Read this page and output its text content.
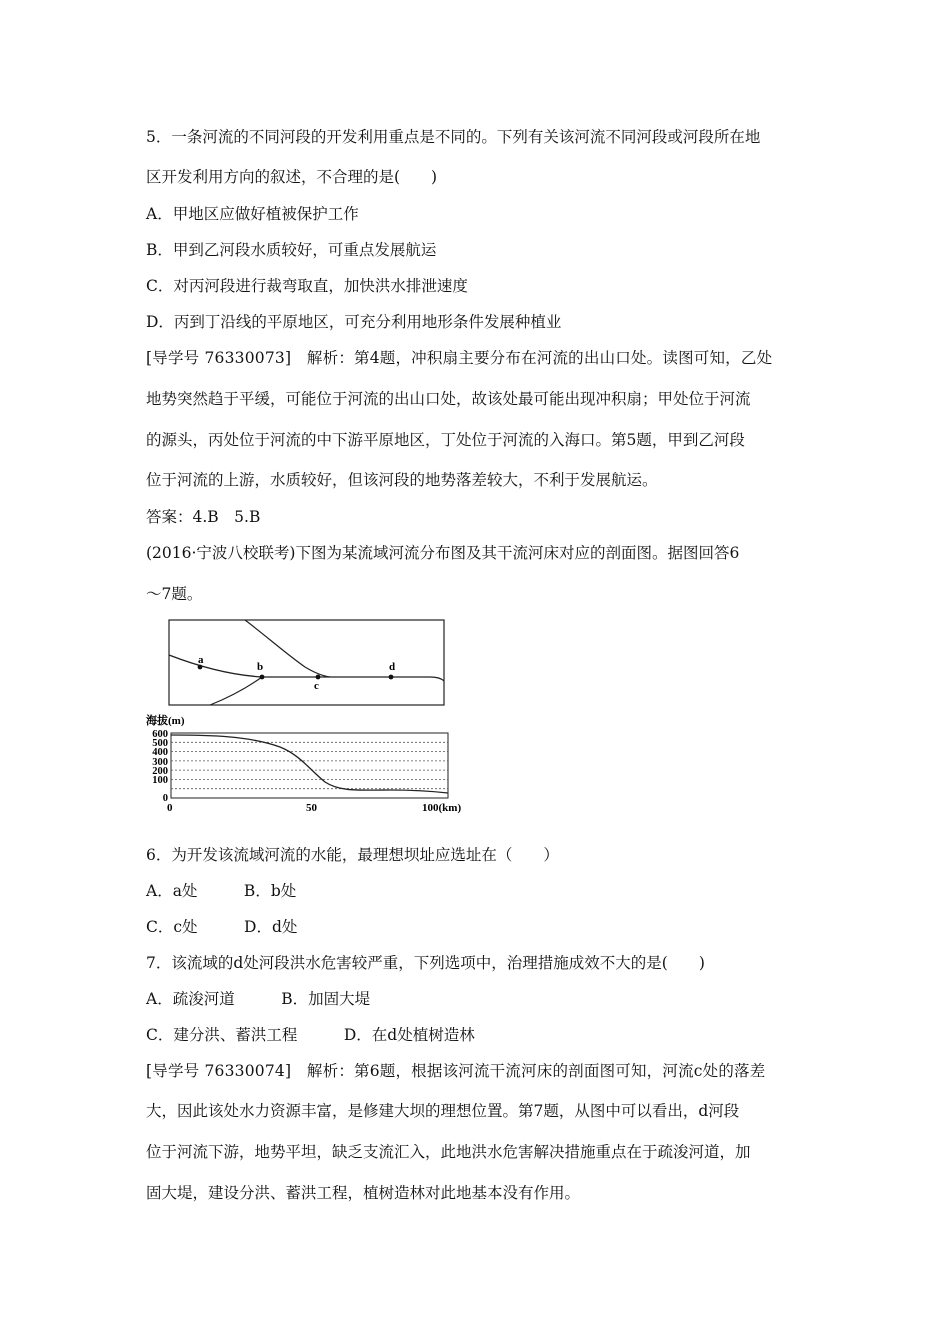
5．一条河流的不同河段的开发利用重点是不同的。下列有关该河流不同河段或河段所在地
区开发利用方向的叙述，不合理的是(　　)
A．甲地区应做好植被保护工作
B．甲到乙河段水质较好，可重点发展航运
C．对丙河段进行裁弯取直，加快洪水排泄速度
D．丙到丁沿线的平原地区，可充分利用地形条件发展种植业
[导学号 76330073]　解析：第4题，冲积扇主要分布在河流的出山口处。读图可知，乙处
地势突然趋于平缓，可能位于河流的出山口处，故该处最可能出现冲积扇；甲处位于河流
的源头，丙处位于河流的中下游平原地区，丁处位于河流的入海口。第5题，甲到乙河段
位于河流的上游，水质较好，但该河段的地势落差较大，不利于发展航运。
答案：4.B　5.B
(2016·宁波八校联考)下图为某流域河流分布图及其干流河床对应的剖面图。据图回答6
～7题。
a
b
c
d
海拔(m)
600
500
400
300
200
100
0
0	50	100(km)
6．为开发该流域河流的水能，最理想坝址应选址在（　　）
A．a处　　　B．b处
C．c处　　　D．d处
7．该流域的d处河段洪水危害较严重，下列选项中，治理措施成效不大的是(　　)
A．疏浚河道　　　B．加固大堤
C．建分洪、蓄洪工程　　　D．在d处植树造林
[导学号 76330074]　解析：第6题，根据该河流干流河床的剖面图可知，河流c处的落差
大，因此该处水力资源丰富，是修建大坝的理想位置。第7题，从图中可以看出，d河段
位于河流下游，地势平坦，缺乏支流汇入，此地洪水危害解决措施重点在于疏浚河道，加
固大堤，建设分洪、蓄洪工程，植树造林对此地基本没有作用。
